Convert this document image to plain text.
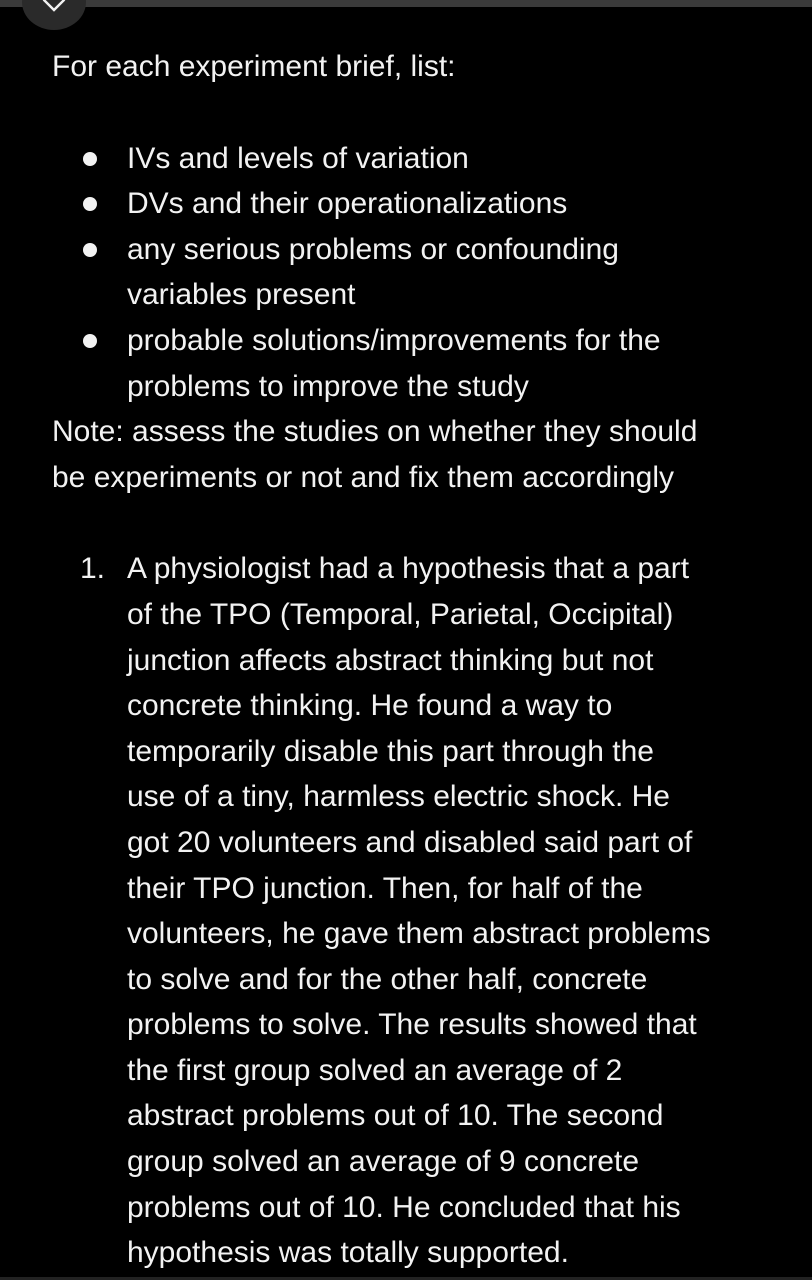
For each experiment brief, list:
IVs and levels of variation
DVs and their operationalizations
any serious problems or confounding
variables present
probable solutions/improvements for the
problems to improve the study
Note: assess the studies on whether they should
be experiments or not and fix them accordingly
1. A physiologist had a hypothesis that a part
of the TPO (Temporal, Parietal, Occipital)
junction affects abstract thinking but not
concrete thinking. He found a way to
temporarily disable this part through the
use of a tiny, harmless electric shock. He
got 20 volunteers and disabled said part of
their TPO junction. Then, for half of the
volunteers, he gave them abstract problems
to solve and for the other half, concrete
problems to solve. The results showed that
the first group solved an average of 2
abstract problems out of 10. The second
group solved an average of 9 concrete
problems out of 10. He concluded that his
hypothesis was totally supported.
